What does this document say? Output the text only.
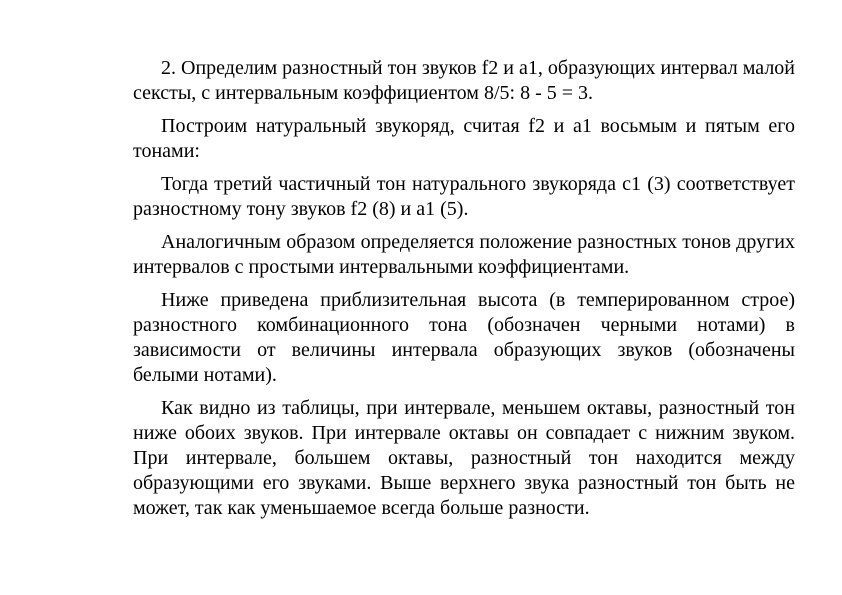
2. Определим разностный тон звуков f2 и a1, образующих интервал малой сексты, с интервальным коэффициентом 8/5: 8 - 5 = 3.

Построим натуральный звукоряд, считая f2 и a1 восьмым и пятым его тонами:

Тогда третий частичный тон натурального звукоряда c1 (3) соответствует разностному тону звуков f2 (8) и a1 (5).

Аналогичным образом определяется положение разностных тонов других интервалов с простыми интервальными коэффициентами.

Ниже приведена приблизительная высота (в темперированном строе) разностного комбинационного тона (обозначен черными нотами) в зависимости от величины интервала образующих звуков (обозначены белыми нотами).

Как видно из таблицы, при интервале, меньшем октавы, разностный тон ниже обоих звуков. При интервале октавы он совпадает с нижним звуком. При интервале, большем октавы, разностный тон находится между образующими его звуками. Выше верхнего звука разностный тон быть не может, так как уменьшаемое всегда больше разности.
